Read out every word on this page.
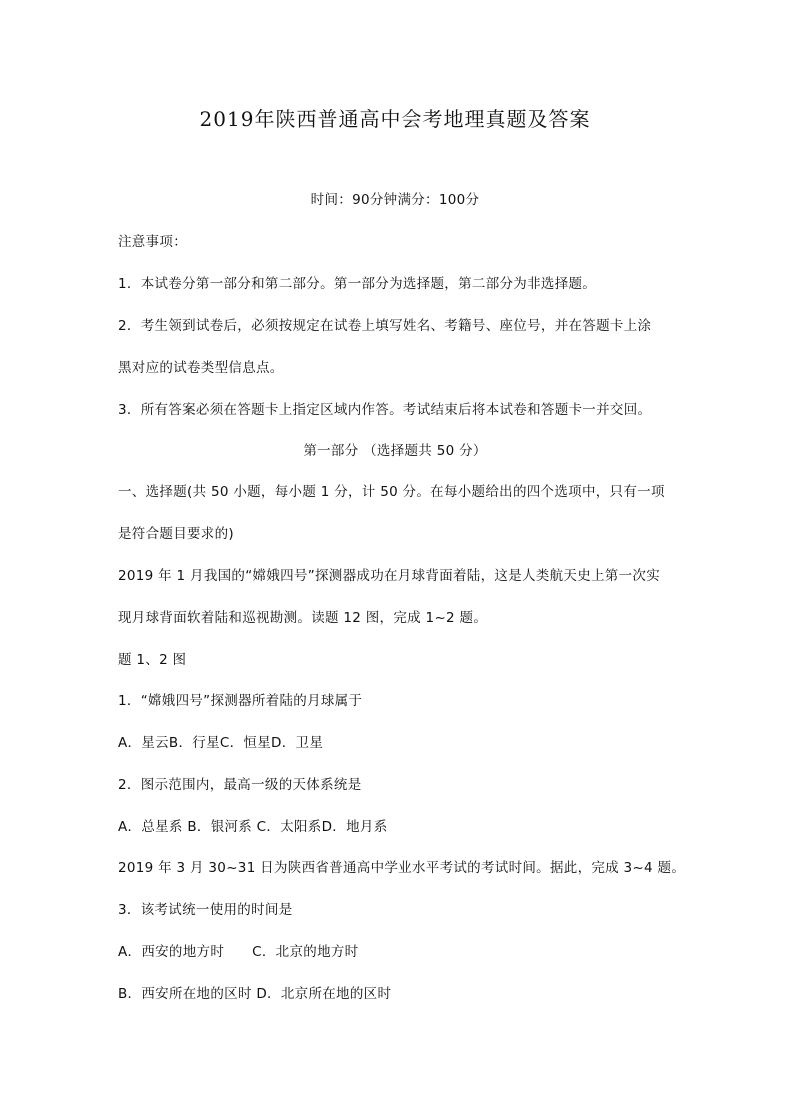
2019年陕西普通高中会考地理真题及答案
时间：90分钟满分：100分
注意事项：
1．本试卷分第一部分和第二部分。第一部分为选择题，第二部分为非选择题。
2．考生领到试卷后，必须按规定在试卷上填写姓名、考籍号、座位号，并在答题卡上涂
黑对应的试卷类型信息点。
3．所有答案必须在答题卡上指定区域内作答。考试结束后将本试卷和答题卡一并交回。
第一部分 （选择题共 50 分）
一、选择题(共 50 小题，每小题 1 分，计 50 分。在每小题给出的四个选项中，只有一项
是符合题目要求的)
2019 年 1 月我国的“嫦娥四号”探测器成功在月球背面着陆，这是人类航天史上第一次实
现月球背面软着陆和巡视勘测。读题 12 图，完成 1~2 题。
题 1、2 图
1．“嫦娥四号”探测器所着陆的月球属于
A．星云B．行星C．恒星D．卫星
2．图示范围内，最高一级的天体系统是
A．总星系 B．银河系 C．太阳系D．地月系
2019 年 3 月 30~31 日为陕西省普通高中学业水平考试的考试时间。据此，完成 3~4 题。
3．该考试统一使用的时间是
A．西安的地方时 C．北京的地方时
B．西安所在地的区时 D．北京所在地的区时
